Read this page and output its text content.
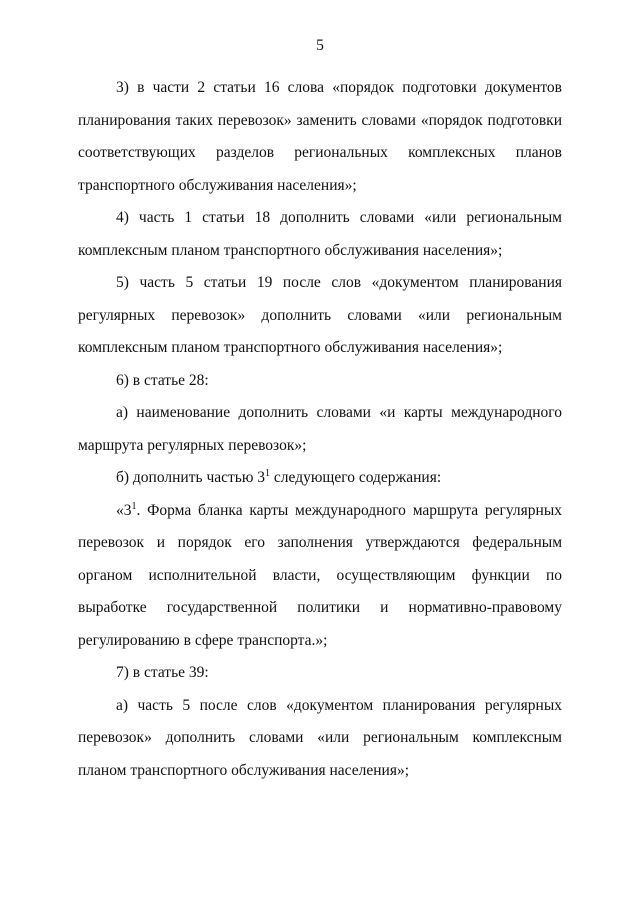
5

3) в части 2 статьи 16 слова «порядок подготовки документов планирования таких перевозок» заменить словами «порядок подготовки соответствующих разделов региональных комплексных планов транспортного обслуживания населения»;

4) часть 1 статьи 18 дополнить словами «или региональным комплексным планом транспортного обслуживания населения»;

5) часть 5 статьи 19 после слов «документом планирования регулярных перевозок» дополнить словами «или региональным комплексным планом транспортного обслуживания населения»;

6) в статье 28:

а) наименование дополнить словами «и карты международного маршрута регулярных перевозок»;

б) дополнить частью $3^1$ следующего содержания:

«$3^1$. Форма бланка карты международного маршрута регулярных перевозок и порядок его заполнения утверждаются федеральным органом исполнительной власти, осуществляющим функции по выработке государственной политики и нормативно-правовому регулированию в сфере транспорта.»;

7) в статье 39:

а) часть 5 после слов «документом планирования регулярных перевозок» дополнить словами «или региональным комплексным планом транспортного обслуживания населения»;
